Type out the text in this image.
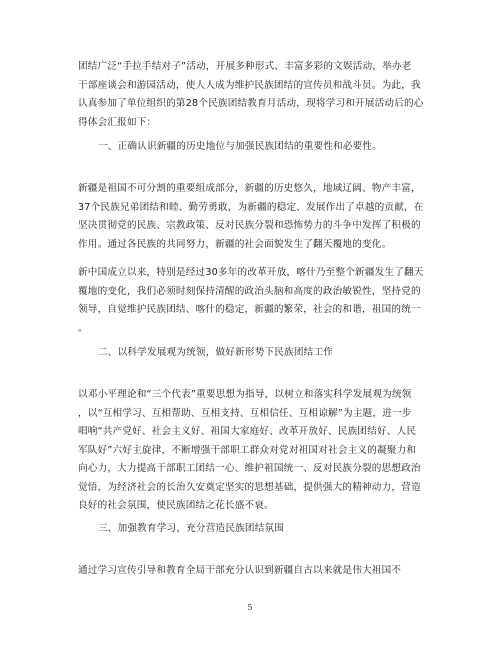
团结广泛“手拉手结对子”活动，开展多种形式、丰富多彩的文娱活动，举办老
干部座谈会和游园活动，使人人成为维护民族团结的宣传员和战斗员。为此，我
认真参加了单位组织的第28个民族团结教育月活动，现将学习和开展活动后的心
得体会汇报如下：
一、正确认识新疆的历史地位与加强民族团结的重要性和必要性。
新疆是祖国不可分割的重要组成部分，新疆的历史悠久，地域辽阔、物产丰富，
37个民族兄弟团结和睦、勤劳勇敢，为新疆的稳定、发展作出了卓越的贡献，在
坚决贯彻党的民族、宗教政策、反对民族分裂和恐怖势力的斗争中发挥了积极的
作用。通过各民族的共同努力，新疆的社会面貌发生了翻天覆地的变化。
新中国成立以来，特别是经过30多年的改革开放，喀什乃至整个新疆发生了翻天
覆地的变化，我们必须时刻保持清醒的政治头脑和高度的政治敏锐性，坚持党的
领导，自觉维护民族团结、喀什的稳定，新疆的繁荣，社会的和谐，祖国的统一
。
二、以科学发展观为统领，做好新形势下民族团结工作
以邓小平理论和“三个代表”重要思想为指导，以树立和落实科学发展观为统领
，以“互相学习、互相帮助、互相支持、互相信任、互相谅解”为主题，进一步
唱响“共产党好、社会主义好、祖国大家庭好、改革开放好、民族团结好、人民
军队好”六好主旋律，不断增强干部职工群众对党对祖国对社会主义的凝聚力和
向心力，大力提高干部职工团结一心、维护祖国统一、反对民族分裂的思想政治
觉悟，为经济社会的长治久安奠定坚实的思想基础，提供强大的精神动力，营造
良好的社会氛围，使民族团结之花长盛不衰。
三、加强教育学习，充分营造民族团结氛围
通过学习宣传引导和教育全局干部充分认识到新疆自古以来就是伟大祖国不
5
